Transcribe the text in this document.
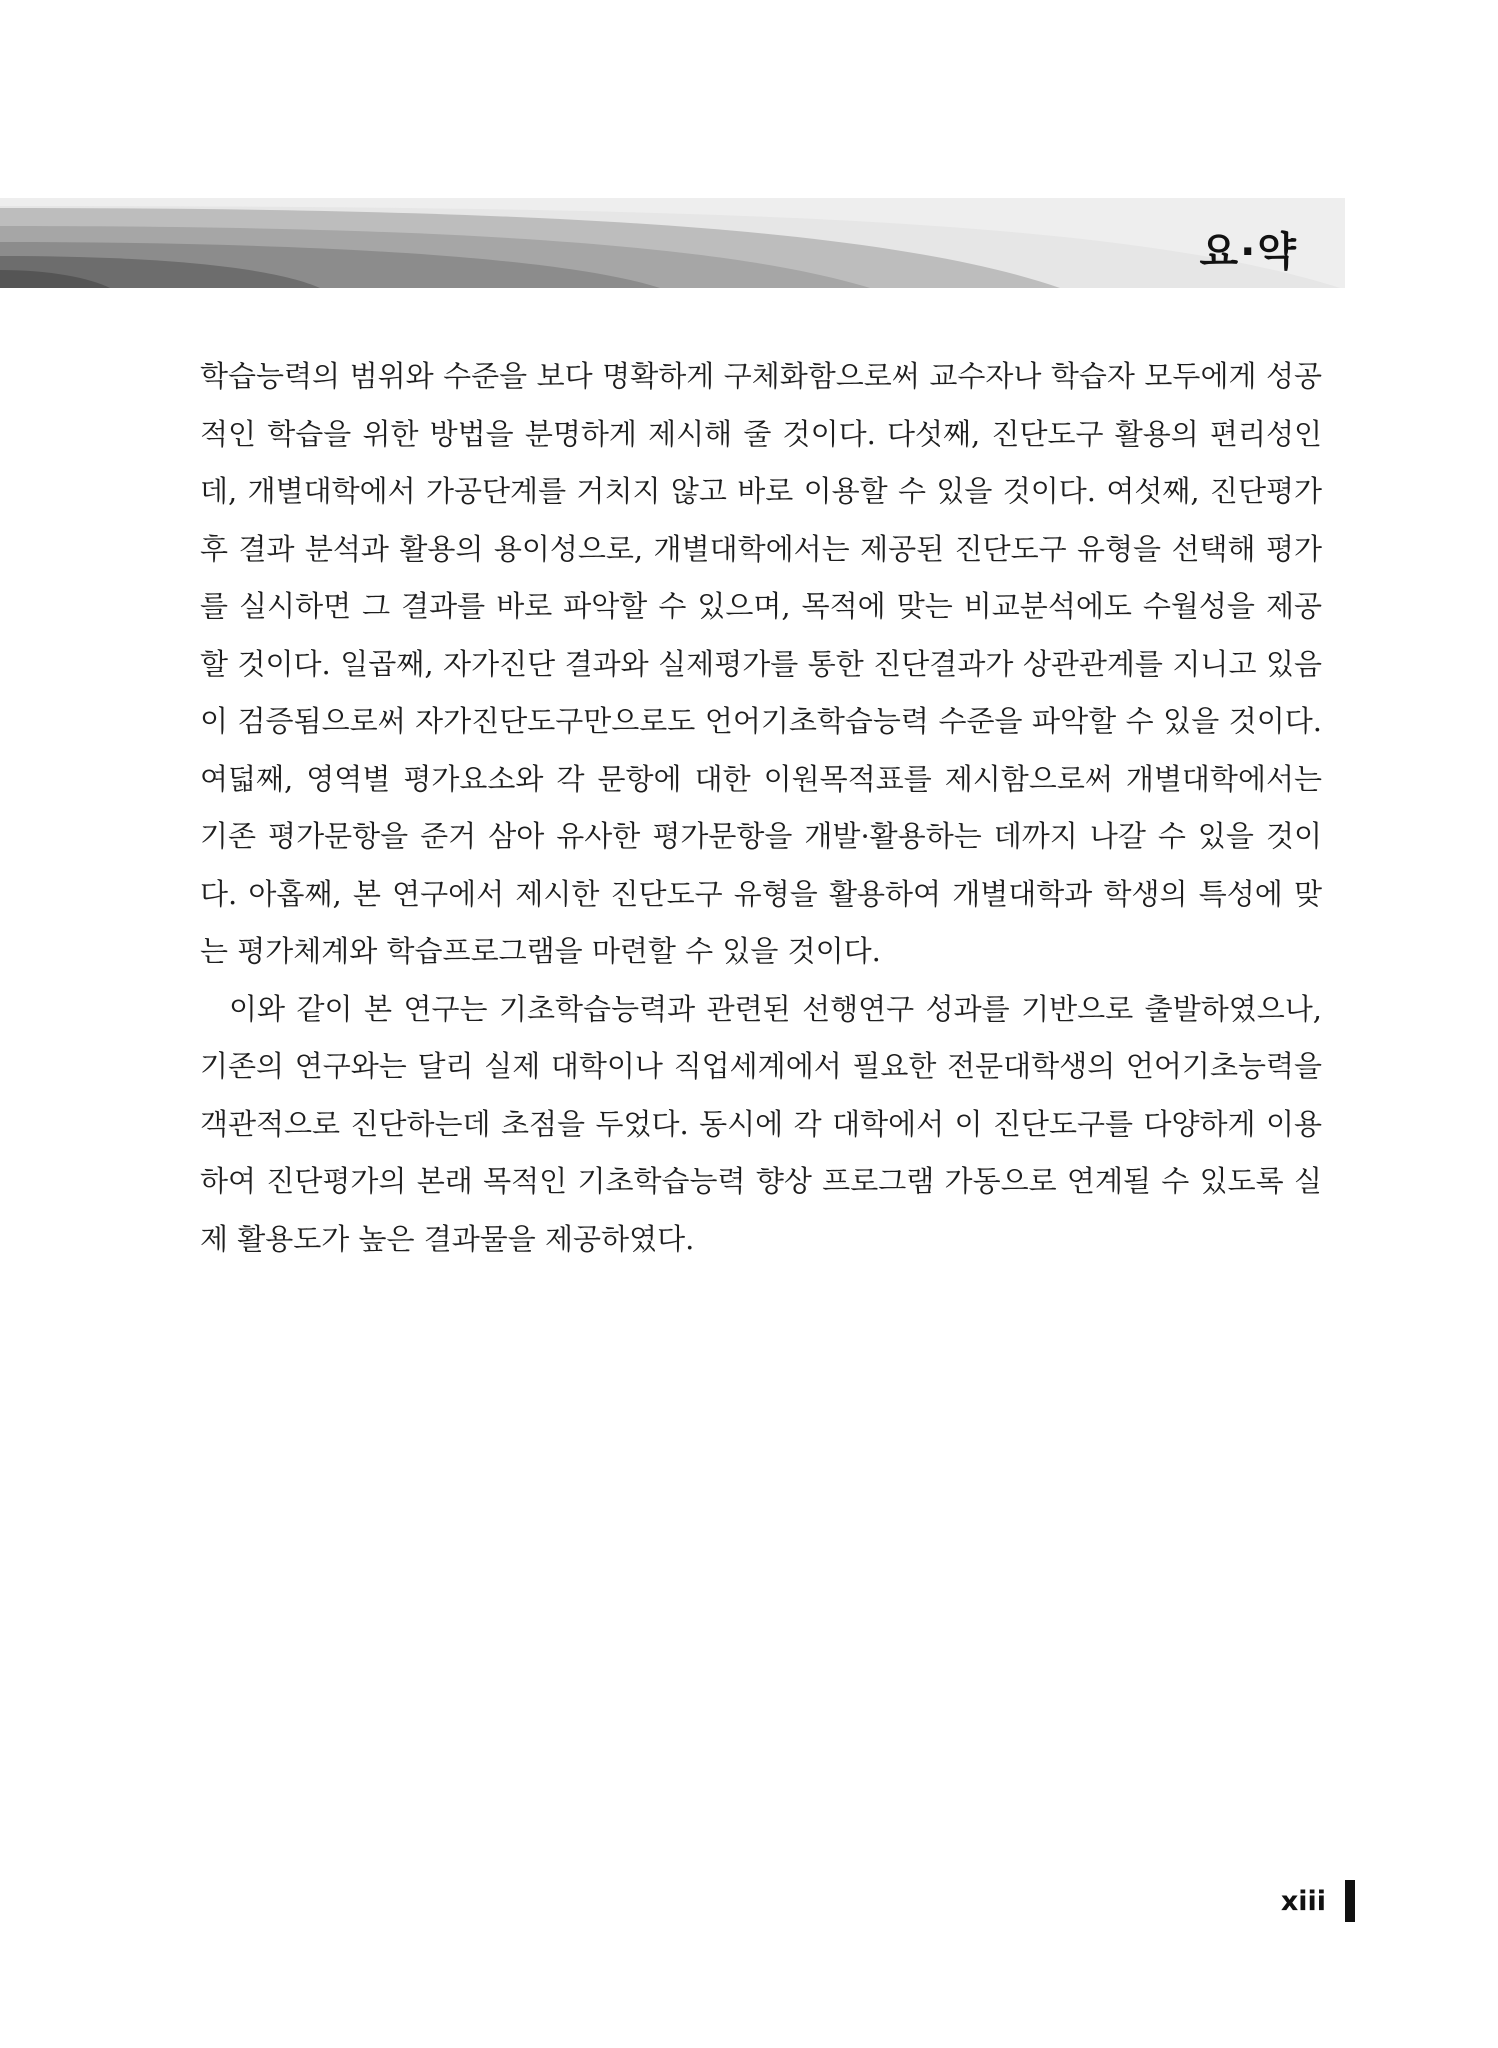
요·약

학습능력의 범위와 수준을 보다 명확하게 구체화함으로써 교수자나 학습자 모두에게 성공적인 학습을 위한 방법을 분명하게 제시해 줄 것이다. 다섯째, 진단도구 활용의 편리성인데, 개별대학에서 가공단계를 거치지 않고 바로 이용할 수 있을 것이다. 여섯째, 진단평가 후 결과 분석과 활용의 용이성으로, 개별대학에서는 제공된 진단도구 유형을 선택해 평가를 실시하면 그 결과를 바로 파악할 수 있으며, 목적에 맞는 비교분석에도 수월성을 제공할 것이다. 일곱째, 자가진단 결과와 실제평가를 통한 진단결과가 상관관계를 지니고 있음이 검증됨으로써 자가진단도구만으로도 언어기초학습능력 수준을 파악할 수 있을 것이다. 여덟째, 영역별 평가요소와 각 문항에 대한 이원목적표를 제시함으로써 개별대학에서는 기존 평가문항을 준거 삼아 유사한 평가문항을 개발·활용하는 데까지 나갈 수 있을 것이다. 아홉째, 본 연구에서 제시한 진단도구 유형을 활용하여 개별대학과 학생의 특성에 맞는 평가체계와 학습프로그램을 마련할 수 있을 것이다.

이와 같이 본 연구는 기초학습능력과 관련된 선행연구 성과를 기반으로 출발하였으나, 기존의 연구와는 달리 실제 대학이나 직업세계에서 필요한 전문대학생의 언어기초능력을 객관적으로 진단하는데 초점을 두었다. 동시에 각 대학에서 이 진단도구를 다양하게 이용하여 진단평가의 본래 목적인 기초학습능력 향상 프로그램 가동으로 연계될 수 있도록 실제 활용도가 높은 결과물을 제공하였다.

xiii
